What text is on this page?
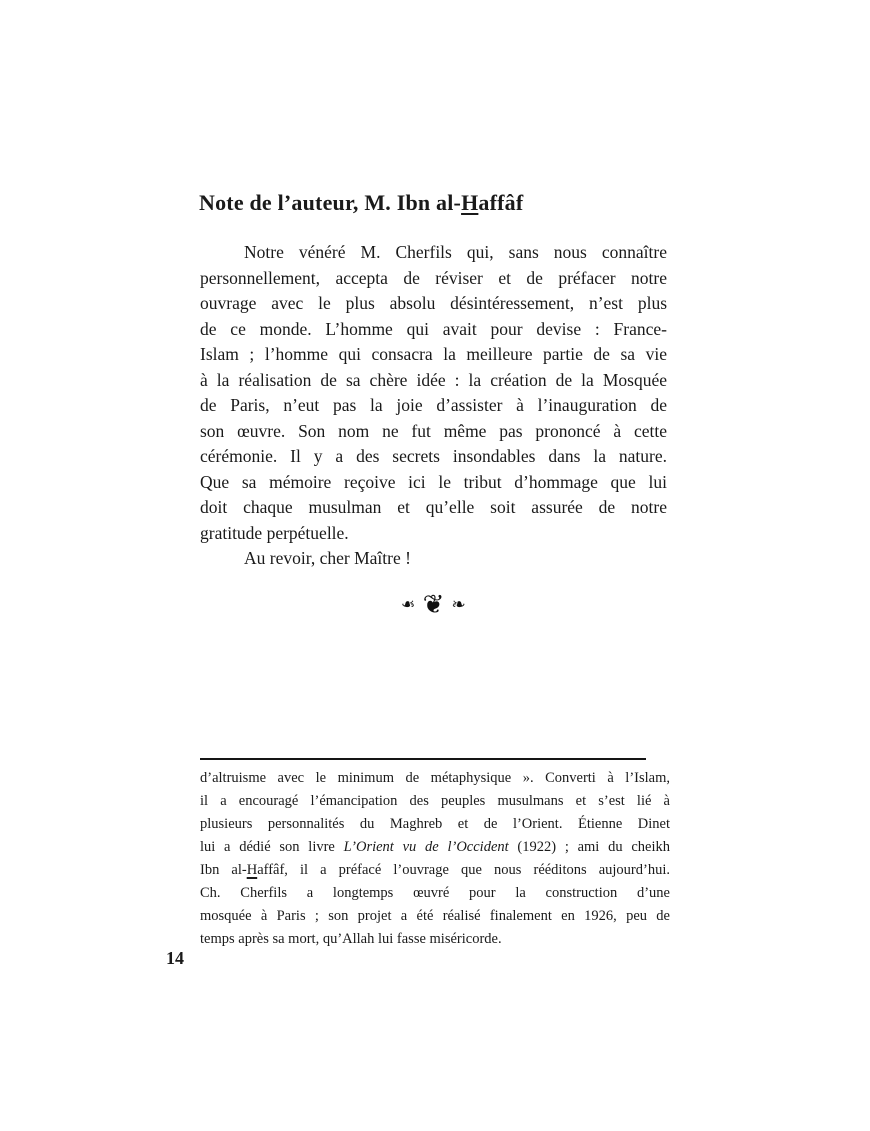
Note de l’auteur, M. Ibn al-Haffâf
Notre vénéré M. Cherfils qui, sans nous connaître
personnellement, accepta de réviser et de préfacer notre
ouvrage avec le plus absolu désintéressement, n’est plus
de ce monde. L’homme qui avait pour devise : France-
Islam ; l’homme qui consacra la meilleure partie de sa vie
à la réalisation de sa chère idée : la création de la Mosquée
de Paris, n’eut pas la joie d’assister à l’inauguration de
son œuvre. Son nom ne fut même pas prononcé à cette
cérémonie. Il y a des secrets insondables dans la nature.
Que sa mémoire reçoive ici le tribut d’hommage que lui
doit chaque musulman et qu’elle soit assurée de notre
gratitude perpétuelle.
Au revoir, cher Maître !
❧ ❦ ❧
d’altruisme avec le minimum de métaphysique ». Converti à l’Islam,
il a encouragé l’émancipation des peuples musulmans et s’est lié à
plusieurs personnalités du Maghreb et de l’Orient. Étienne Dinet
lui a dédié son livre L’Orient vu de l’Occident (1922) ; ami du cheikh
Ibn al-Haffâf, il a préfacé l’ouvrage que nous rééditons aujourd’hui.
Ch. Cherfils a longtemps œuvré pour la construction d’une
mosquée à Paris ; son projet a été réalisé finalement en 1926, peu de
temps après sa mort, qu’Allah lui fasse miséricorde.
14
